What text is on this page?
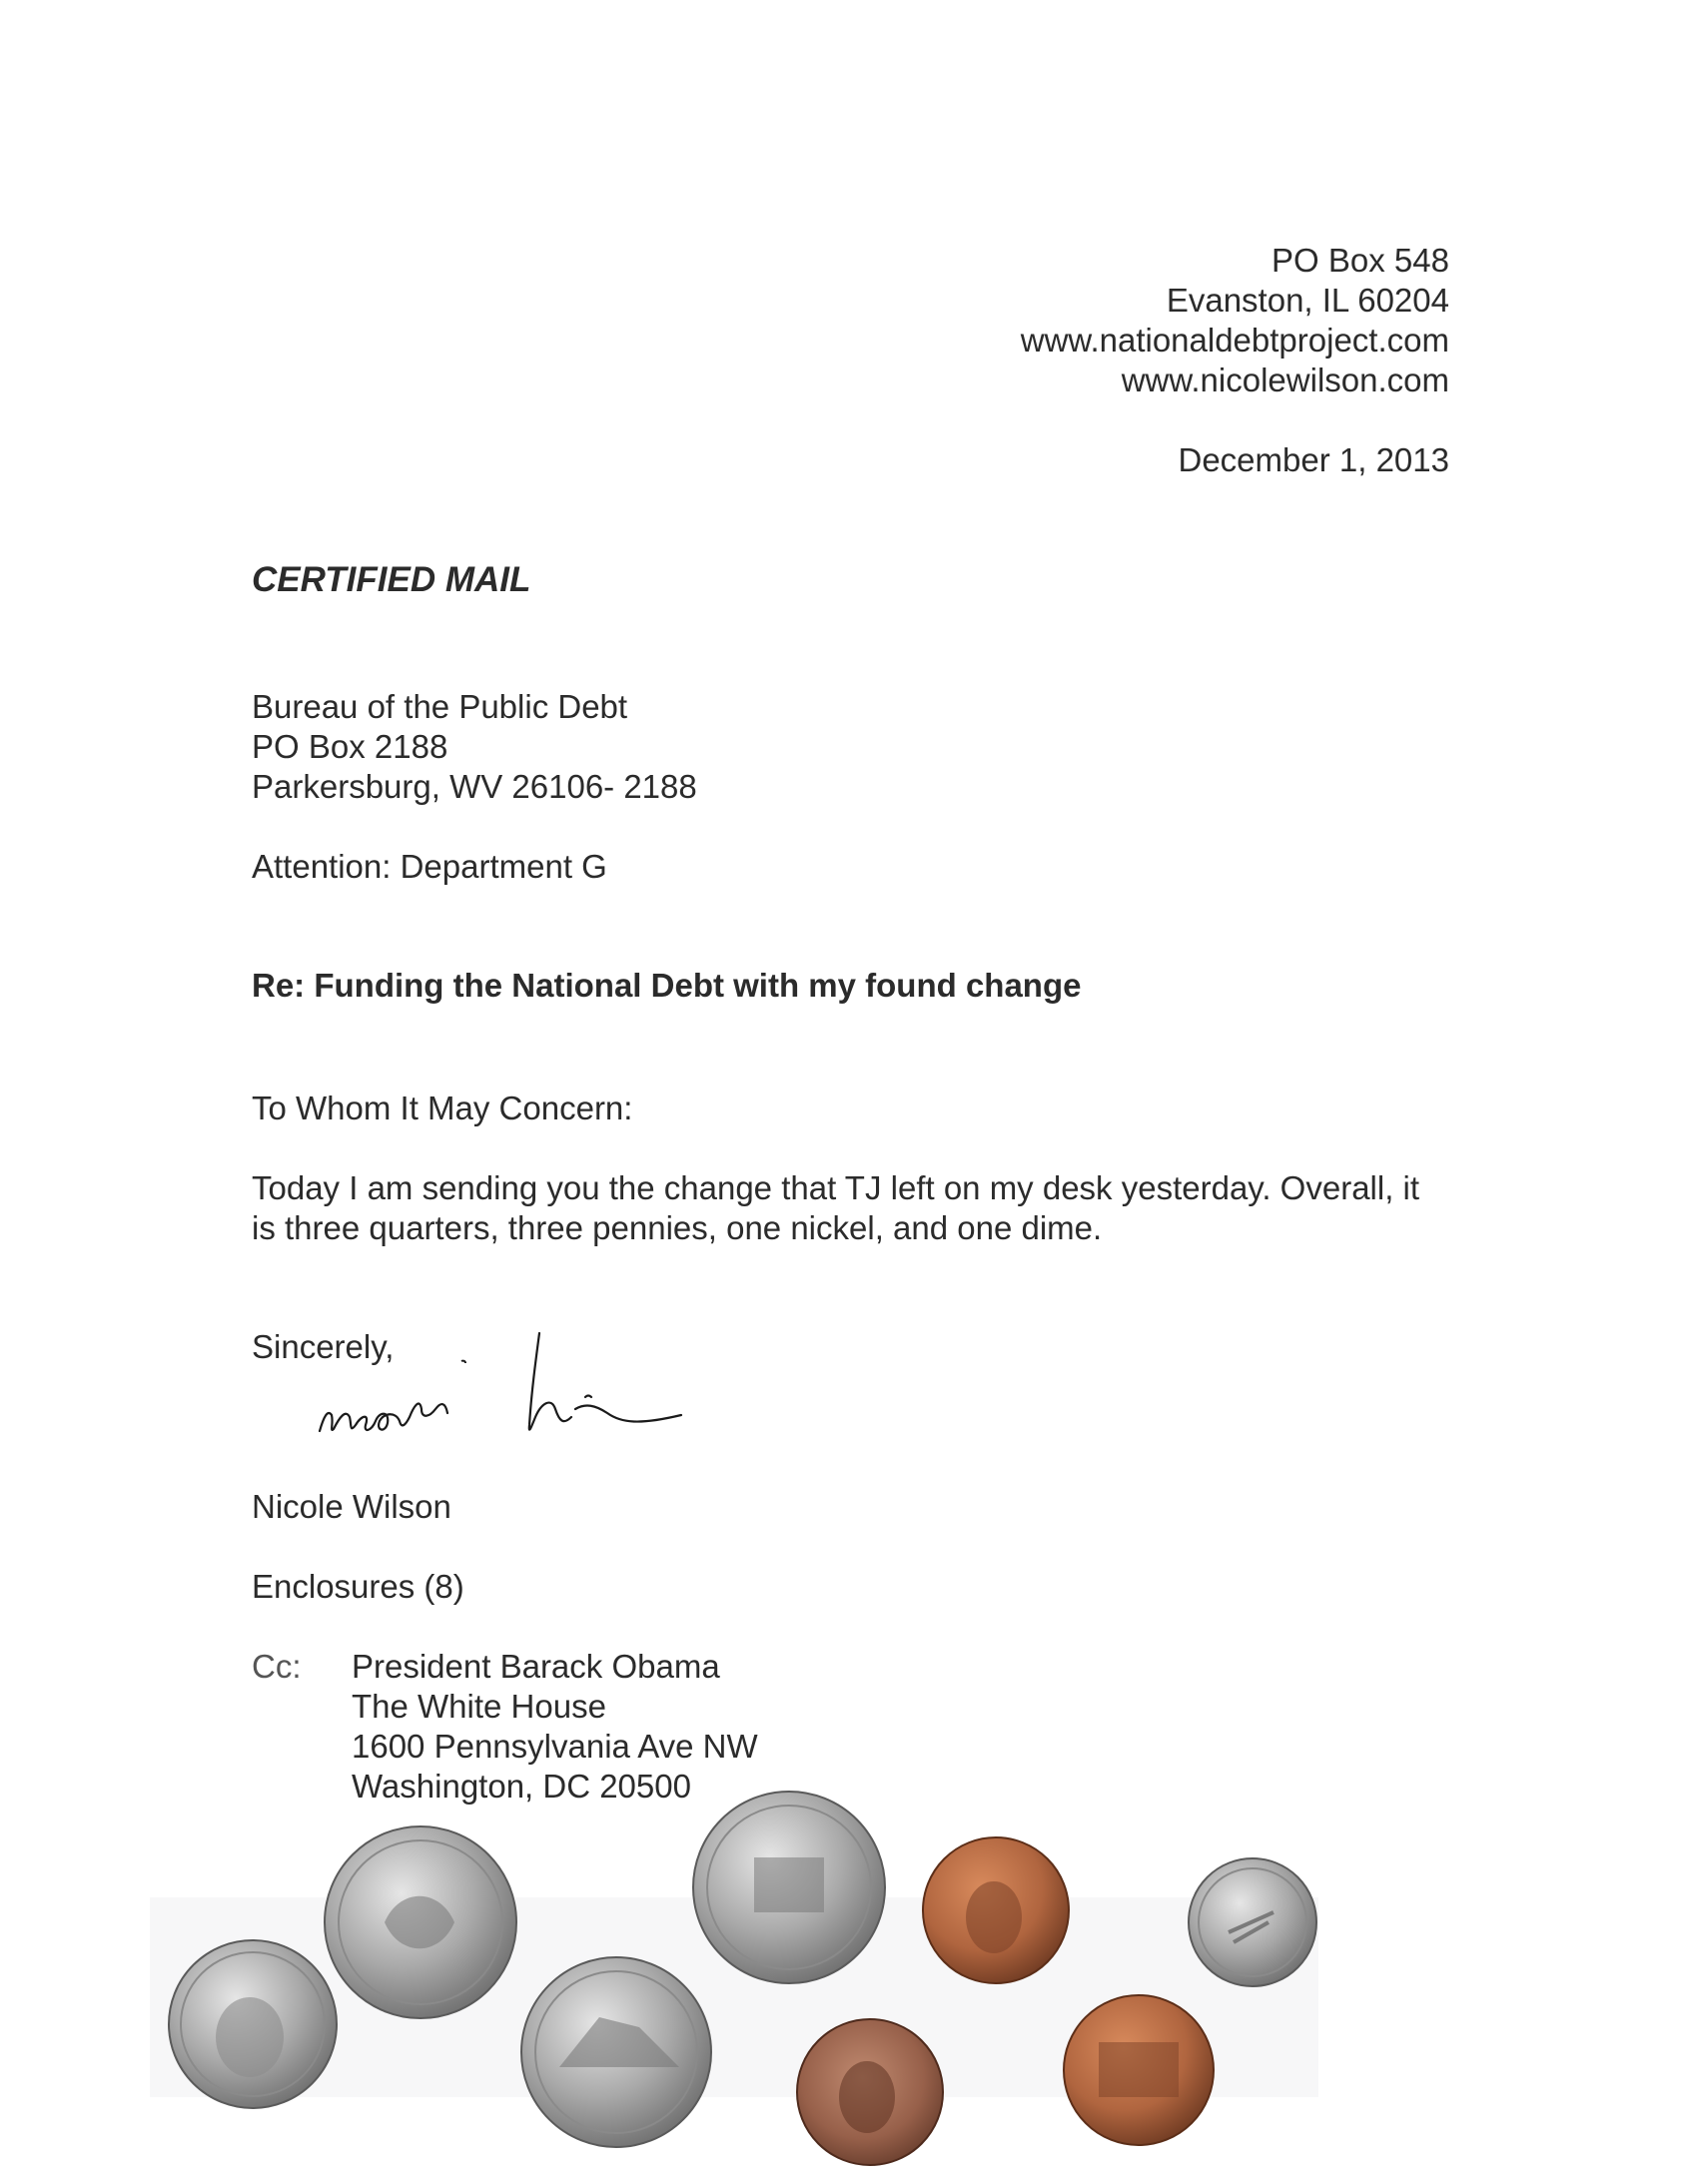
PO Box 548
Evanston, IL 60204
www.nationaldebtproject.com
www.nicolewilson.com
December 1, 2013
CERTIFIED MAIL
Bureau of the Public Debt
PO Box 2188
Parkersburg, WV 26106- 2188
Attention: Department G
Re: Funding the National Debt with my found change
To Whom It May Concern:
Today I am sending you the change that TJ left on my desk yesterday. Overall, it is three quarters, three pennies, one nickel, and one dime.
Sincerely,
Nicole Wilson
Enclosures (8)
Cc: President Barack Obama
The White House
1600 Pennsylvania Ave NW
Washington, DC 20500
